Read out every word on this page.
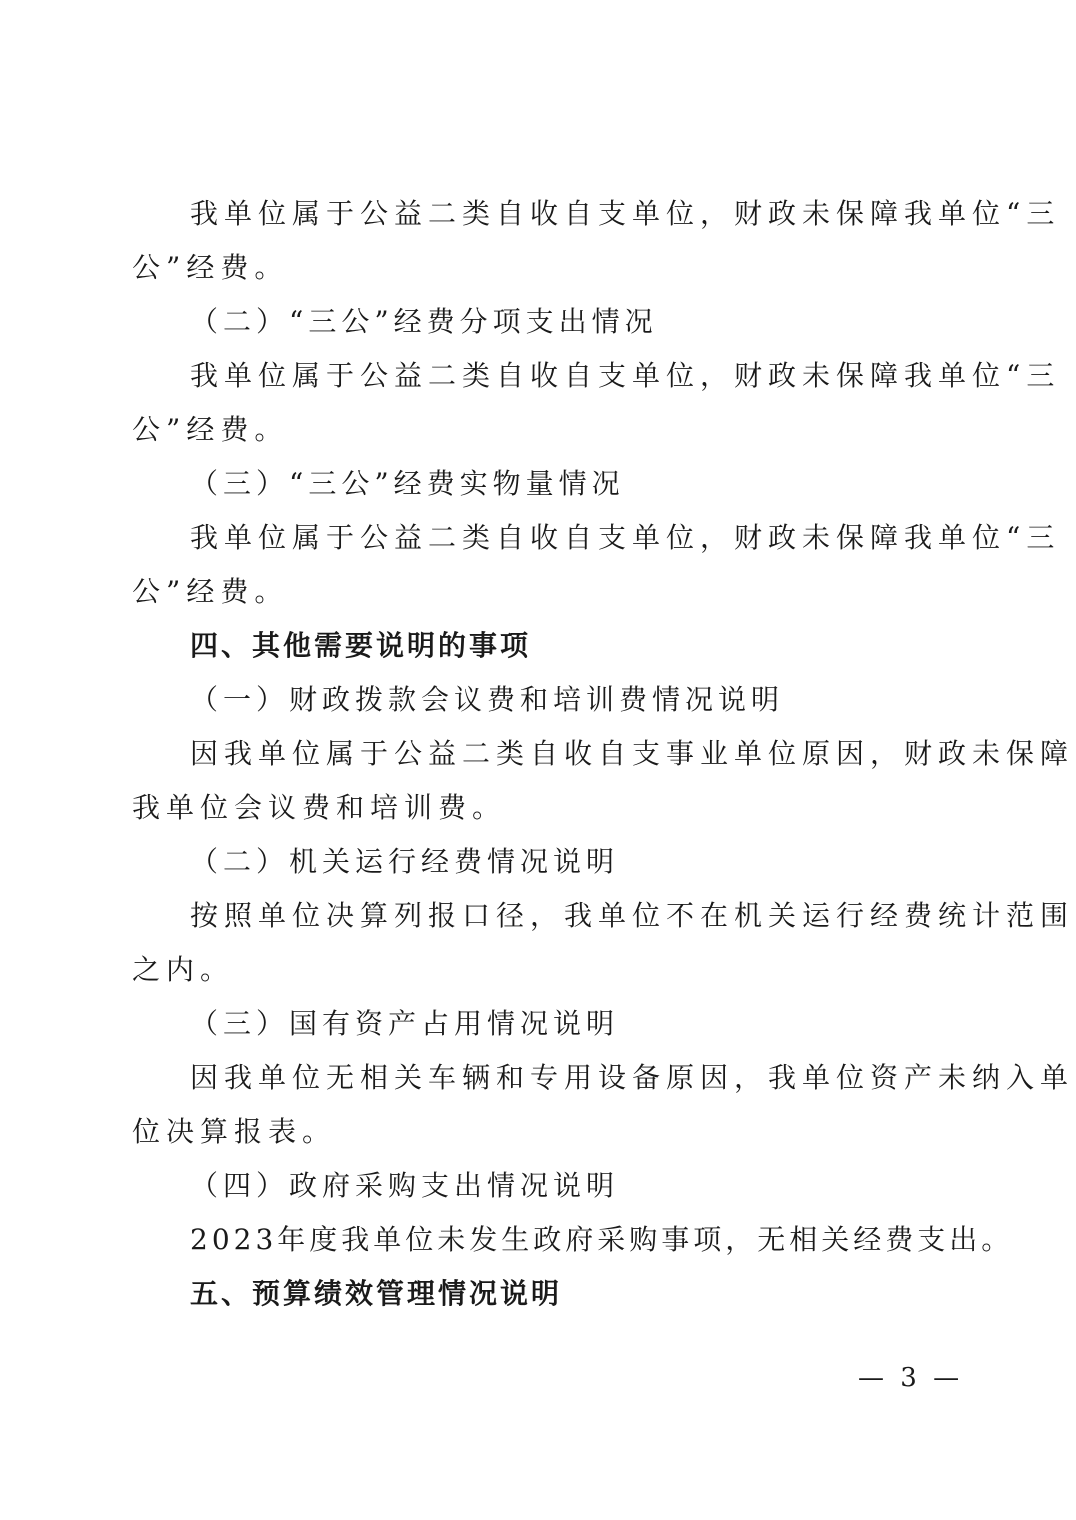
我单位属于公益二类自收自支单位，财政未保障我单位“三
公”经费。
（二）“三公”经费分项支出情况
我单位属于公益二类自收自支单位，财政未保障我单位“三
公”经费。
（三）“三公”经费实物量情况
我单位属于公益二类自收自支单位，财政未保障我单位“三
公”经费。
四、其他需要说明的事项
（一）财政拨款会议费和培训费情况说明
因我单位属于公益二类自收自支事业单位原因，财政未保障
我单位会议费和培训费。
（二）机关运行经费情况说明
按照单位决算列报口径，我单位不在机关运行经费统计范围
之内。
（三）国有资产占用情况说明
因我单位无相关车辆和专用设备原因，我单位资产未纳入单
位决算报表。
（四）政府采购支出情况说明
2023年度我单位未发生政府采购事项，无相关经费支出。
五、预算绩效管理情况说明
— 3 —
